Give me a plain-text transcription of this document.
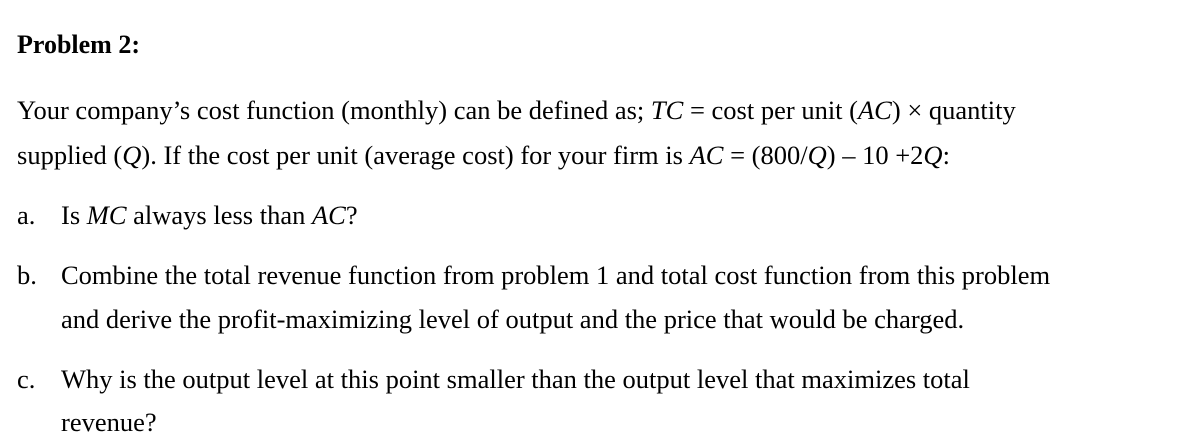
Problem 2:
Your company’s cost function (monthly) can be defined as; TC = cost per unit (AC) × quantity
supplied (Q). If the cost per unit (average cost) for your firm is AC = (800/Q) – 10 +2Q:
a. Is MC always less than AC?
b. Combine the total revenue function from problem 1 and total cost function from this problem
and derive the profit-maximizing level of output and the price that would be charged.
c. Why is the output level at this point smaller than the output level that maximizes total
revenue?
